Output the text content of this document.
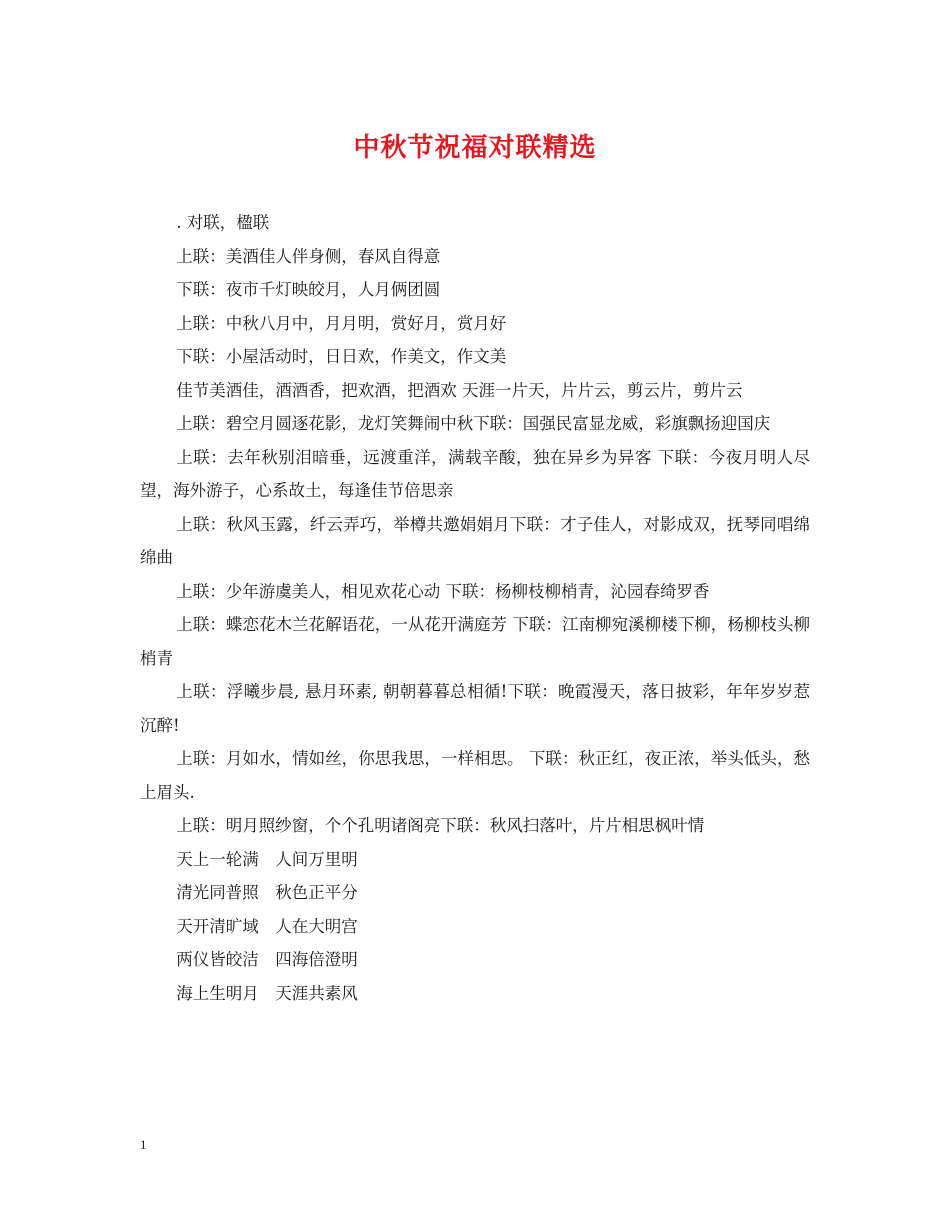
中秋节祝福对联精选

. 对联，楹联

上联：美酒佳人伴身侧，春风自得意

下联：夜市千灯映皎月，人月俩团圆

上联：中秋八月中，月月明，赏好月，赏月好

下联：小屋活动时，日日欢，作美文，作文美

佳节美酒佳，酒酒香，把欢酒，把酒欢 天涯一片天，片片云，剪云片，剪片云

上联：碧空月圆逐花影，龙灯笑舞闹中秋下联：国强民富显龙威，彩旗飘扬迎国庆

上联：去年秋别泪暗垂，远渡重洋，满载辛酸，独在异乡为异客 下联：今夜月明人尽望，海外游子，心系故土，每逢佳节倍思亲

上联：秋风玉露，纤云弄巧，举樽共邀娟娟月下联：才子佳人，对影成双，抚琴同唱绵绵曲

上联：少年游虞美人，相见欢花心动 下联：杨柳枝柳梢青，沁园春绮罗香

上联：蝶恋花木兰花解语花，一从花开满庭芳 下联：江南柳宛溪柳楼下柳，杨柳枝头柳梢青

上联：浮曦步晨, 悬月环素, 朝朝暮暮总相循!下联：晚霞漫天，落日披彩，年年岁岁惹沉醉!

上联：月如水，情如丝，你思我思，一样相思。 下联：秋正红，夜正浓，举头低头，愁上眉头.

上联：明月照纱窗，个个孔明诸阁亮下联：秋风扫落叶，片片相思枫叶情

天上一轮满　人间万里明

清光同普照　秋色正平分

天开清旷域　人在大明宫

两仪皆皎洁　四海倍澄明

海上生明月　天涯共素风

1
